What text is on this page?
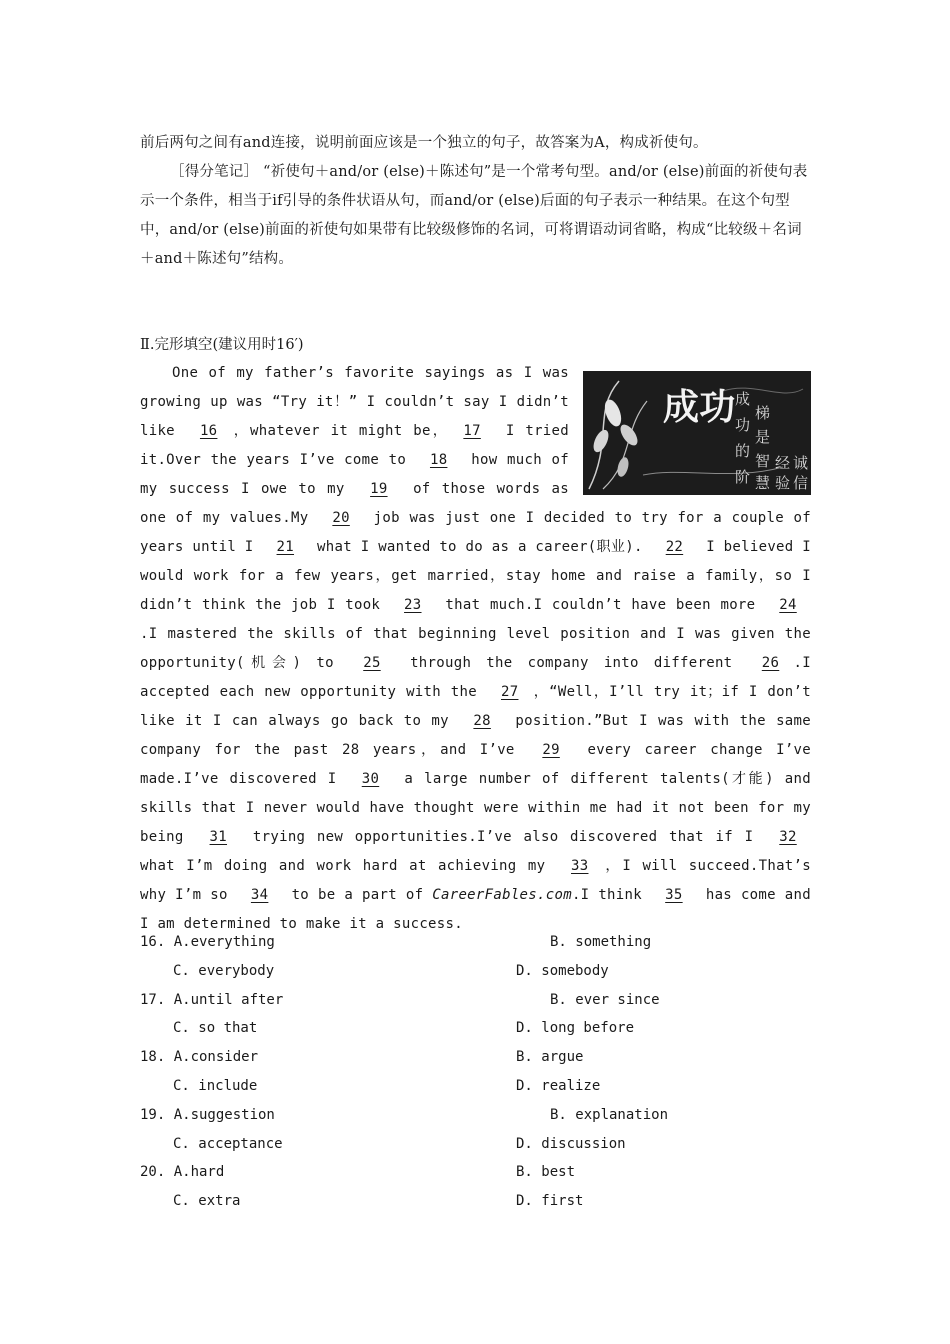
前后两句之间有and连接，说明前面应该是一个独立的句子，故答案为A，构成祈使句。
［得分笔记］ “祈使句＋and/or (else)＋陈述句”是一个常考句型。and/or (else)前面的祈使句表示一个条件，相当于if引导的条件状语从句，而and/or (else)后面的句子表示一种结果。在这个句型中，and/or (else)前面的祈使句如果带有比较级修饰的名词，可将谓语动词省略，构成“比较级＋名词＋and＋陈述句”结构。
Ⅱ.完形填空(建议用时16′)
成功 成
功
的
阶
梯
是
智
慧
经
验
诚
信
One of my father’s favorite sayings as I was growing up was “Try it！” I couldn’t say I didn’t like 16 ，whatever it might be， 17 I tried it.Over the years I’ve come to 18 how much of my success I owe to my 19 of those words as one of my values.My 20 job was just one I decided to try for a couple of years until I 21 what I wanted to do as a career(职业). 22 I believed I would work for a few years，get married，stay home and raise a family，so I didn’t think the job I took 23 that much.I couldn’t have been more 24.I mastered the skills of that beginning level position and I was given the opportunity(机会) to 25 through the company into different 26 .I accepted each new opportunity with the 27 ，“Well，I’ll try it；if I don’t like it I can always go back to my 28 position.”But I was with the same company for the past 28 years，and I’ve 29 every career change I’ve made.I’ve discovered I 30 a large number of different talents(才能) and skills that I never would have thought were within me had it not been for my being 31 trying new opportunities.I’ve also discovered that if I 32 what I’m doing and work hard at achieving my 33 ，I will succeed.That’s why I’m so 34 to be a part of CareerFables.com.I think 35 has come and I am determined to make it a success.
16. A.everything	B. something
C. everybody	D. somebody
17. A.until after	B. ever since
C. so that	D. long before
18. A.consider	B. argue
C. include	D. realize
19. A.suggestion	B. explanation
C. acceptance	D. discussion
20. A.hard	B. best
C. extra	D. first
